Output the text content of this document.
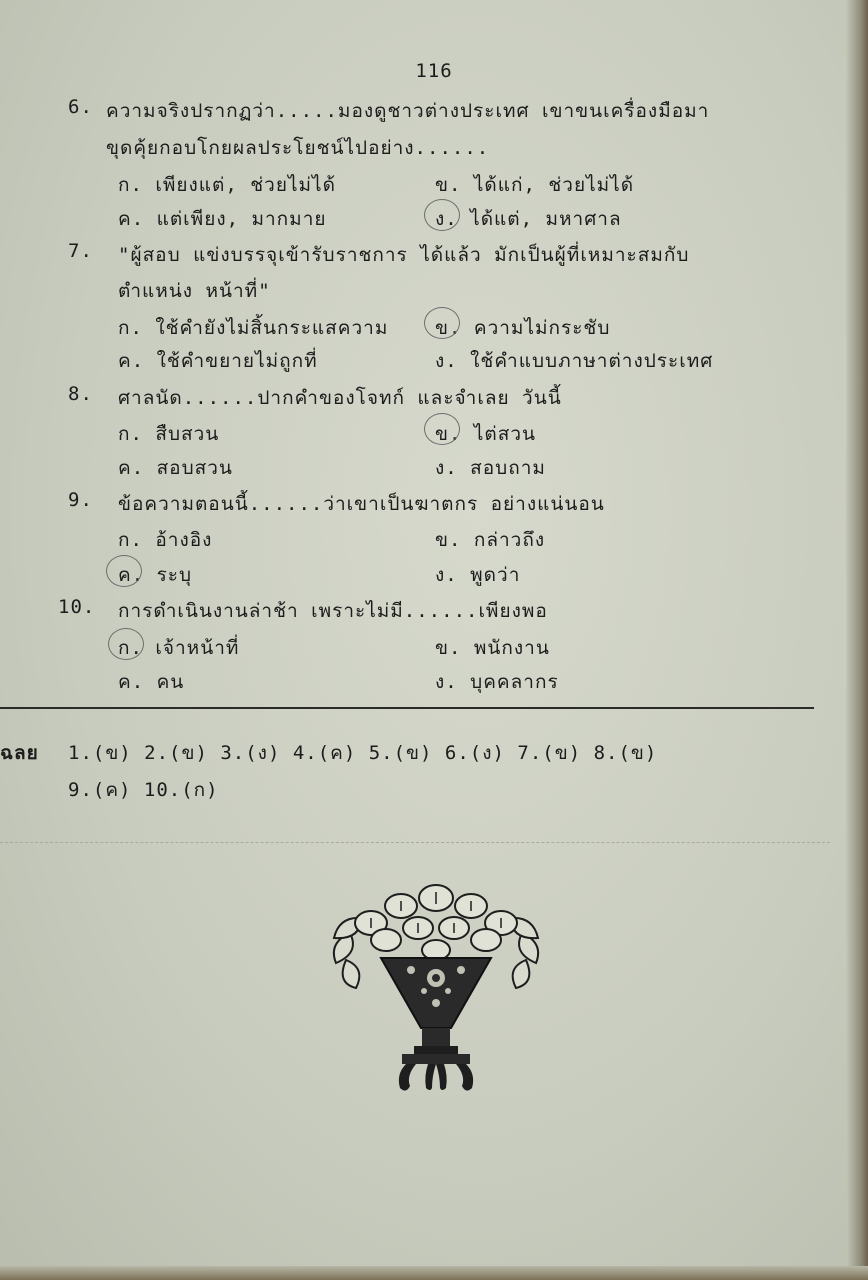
116
6. ความจริงปรากฏว่า.....มองดูชาวต่างประเทศ เขาขนเครื่องมือมา
ขุดคุ้ยกอบโกยผลประโยชน์ไปอย่าง......
ก. เพียงแต่, ช่วยไม่ได้	ข. ได้แก่, ช่วยไม่ได้
ค. แต่เพียง, มากมาย	ง. ได้แต่, มหาศาล
7. "ผู้สอบ แข่งบรรจุเข้ารับราชการ ได้แล้ว มักเป็นผู้ที่เหมาะสมกับ
ตำแหน่ง หน้าที่"
ก. ใช้คำยังไม่สิ้นกระแสความ ข. ความไม่กระชับ
ค. ใช้คำขยายไม่ถูกที่	ง. ใช้คำแบบภาษาต่างประเทศ
8. ศาลนัด......ปากคำของโจทก์ และจำเลย วันนี้
ก. สืบสวน	ข. ไต่สวน
ค. สอบสวน	ง. สอบถาม
9. ข้อความตอนนี้......ว่าเขาเป็นฆาตกร อย่างแน่นอน
ก. อ้างอิง	ข. กล่าวถึง
ค. ระบุ	ง. พูดว่า
10. การดำเนินงานล่าช้า เพราะไม่มี......เพียงพอ
ก. เจ้าหน้าที่	ข. พนักงาน
ค. คน	ง. บุคคลากร
ฉลย 1.(ข) 2.(ข) 3.(ง) 4.(ค) 5.(ข) 6.(ง) 7.(ข) 8.(ข)
9.(ค) 10.(ก)
